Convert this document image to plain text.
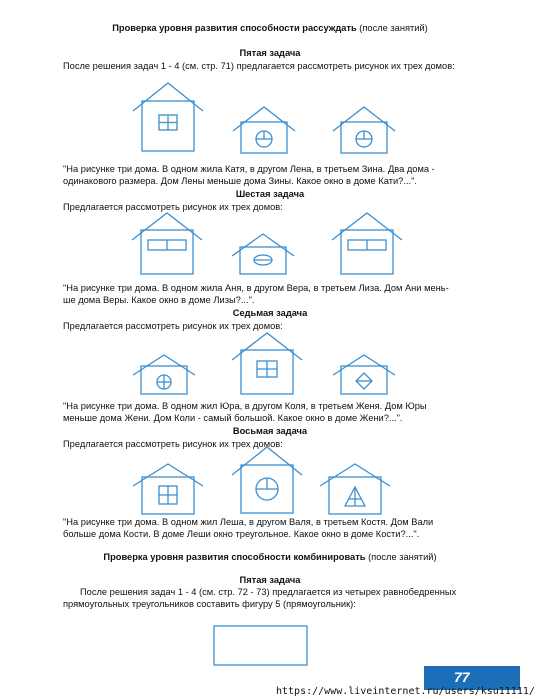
Проверка уровня развития способности рассуждать (после занятий)
Пятая задача
После решения задач 1 - 4 (см. стр. 71) предлагается рассмотреть рисунок их трех домов:
"На рисунке три дома. В одном жила Катя, в другом Лена, в третьем Зина. Два дома -
одинакового размера. Дом Лены меньше дома Зины. Какое окно в доме Кати?...".
Шестая задача
Предлагается рассмотреть рисунок их трех домов:
"На рисунке три дома. В одном жила Аня, в другом Вера, в третьем Лиза. Дом Ани мень-
ше дома Веры. Какое окно в доме Лизы?...".
Седьмая задача
Предлагается рассмотреть рисунок их трех домов:
"На рисунке три дома. В одном жил Юра, в другом Коля, в третьем Женя. Дом Юры
меньше дома Жени. Дом Коли - самый большой. Какое окно в доме Жени?...".
Восьмая задача
Предлагается рассмотреть рисунок их трех домов:
"На рисунке три дома. В одном жил Леша, в другом Валя, в третьем Костя. Дом Вали
больше дома Кости. В доме Леши окно треугольное. Какое окно в доме Кости?...".
Проверка уровня развития способности комбинировать (после занятий)
Пятая задача
После решения задач 1 - 4 (см. стр. 72 - 73) предлагается из четырех равнобедренных
прямоугольных треугольников составить фигуру 5 (прямоугольник):
77
https://www.liveinternet.ru/users/ksu11111/
